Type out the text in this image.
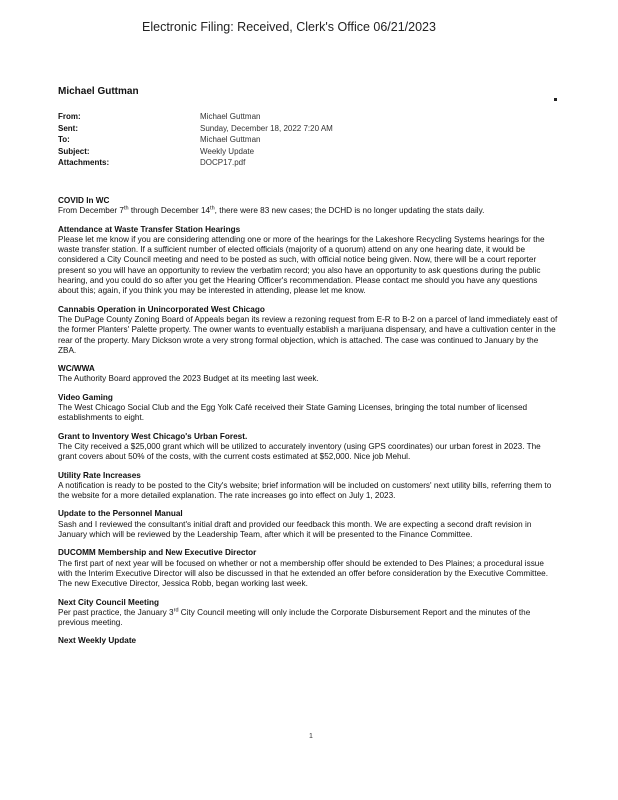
Electronic Filing: Received, Clerk's Office 06/21/2023
Michael Guttman
From:	Michael Guttman
Sent:	Sunday, December 18, 2022 7:20 AM
To:	Michael Guttman
Subject:	Weekly Update
Attachments:	DOCP17.pdf
COVID In WC

From December 7th through December 14th, there were 83 new cases; the DCHD is no longer updating the stats daily.

Attendance at Waste Transfer Station Hearings

Please let me know if you are considering attending one or more of the hearings for the Lakeshore Recycling Systems hearings for the waste transfer station. If a sufficient number of elected officials (majority of a quorum) attend on any one hearing date, it would be considered a City Council meeting and need to be posted as such, with official notice being given. Now, there will be a court reporter present so you will have an opportunity to review the verbatim record; you also have an opportunity to ask questions during the public hearing, and you could do so after you get the Hearing Officer's recommendation. Please contact me should you have any questions about this; again, if you think you may be interested in attending, please let me know.

Cannabis Operation in Unincorporated West Chicago

The DuPage County Zoning Board of Appeals began its review a rezoning request from E-R to B-2 on a parcel of land immediately east of the former Planters' Palette property. The owner wants to eventually establish a marijuana dispensary, and have a cultivation center in the rear of the property. Mary Dickson wrote a very strong formal objection, which is attached. The case was continued to January by the ZBA.

WC/WWA

The Authority Board approved the 2023 Budget at its meeting last week.

Video Gaming

The West Chicago Social Club and the Egg Yolk Café received their State Gaming Licenses, bringing the total number of licensed establishments to eight.

Grant to Inventory West Chicago's Urban Forest.

The City received a $25,000 grant which will be utilized to accurately inventory (using GPS coordinates) our urban forest in 2023. The grant covers about 50% of the costs, with the current costs estimated at $52,000. Nice job Mehul.

Utility Rate Increases

A notification is ready to be posted to the City's website; brief information will be included on customers' next utility bills, referring them to the website for a more detailed explanation. The rate increases go into effect on July 1, 2023.

Update to the Personnel Manual

Sash and I reviewed the consultant's initial draft and provided our feedback this month. We are expecting a second draft revision in January which will be reviewed by the Leadership Team, after which it will be presented to the Finance Committee.

DUCOMM Membership and New Executive Director

The first part of next year will be focused on whether or not a membership offer should be extended to Des Plaines; a procedural issue with the Interim Executive Director will also be discussed in that he extended an offer before consideration by the Executive Committee. The new Executive Director, Jessica Robb, began working last week.

Next City Council Meeting

Per past practice, the January 3rd City Council meeting will only include the Corporate Disbursement Report and the minutes of the previous meeting.

Next Weekly Update

1
